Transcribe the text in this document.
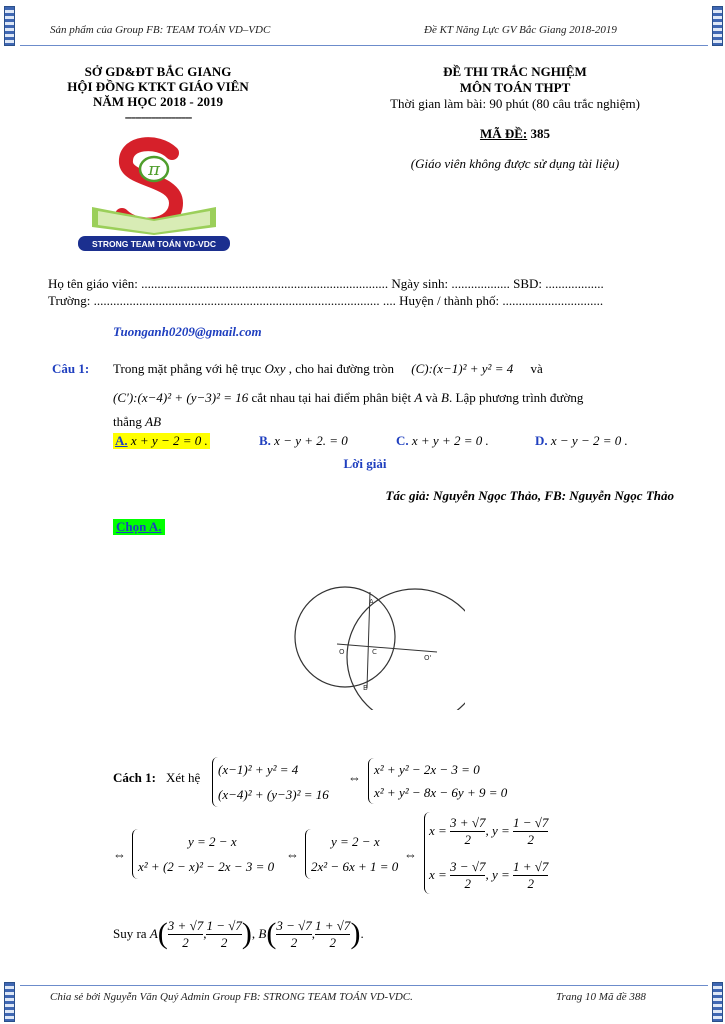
Sản phẩm của Group FB: TEAM TOÁN VD–VDC	Đề KT Năng Lực GV Bắc Giang 2018-2019
SỞ GD&ĐT BẮC GIANG
HỘI ĐỒNG KTKT GIÁO VIÊN
NĂM HỌC 2018 - 2019
--------------------
π
STRONG TEAM TOÁN VD-VDC
ĐỀ THI TRẮC NGHIỆM
MÔN TOÁN THPT
Thời gian làm bài: 90 phút (80 câu trắc nghiệm)
MÃ ĐỀ: 385
(Giáo viên không được sử dụng tài liệu)
Họ tên giáo viên: ............................................................................ Ngày sinh: .................. SBD: ..................
Trường: ........................................................................................ .... Huyện / thành phố: ...............................
Tuonganh0209@gmail.com
Câu 1: Trong mặt phẳng với hệ trục Oxy , cho hai đường tròn (C):(x−1)² + y² = 4 và
(C′):(x−4)² + (y−3)² = 16 cắt nhau tại hai điểm phân biệt A và B. Lập phương trình đường
thẳng AB
A. x + y − 2 = 0 .	B. x − y + 2. = 0	C. x + y + 2 = 0 .	D. x − y − 2 = 0 .
Lời giải
Tác giả: Nguyễn Ngọc Thảo, FB: Nguyễn Ngọc Thảo
Chọn A.
A
B
O	C
O'
Cách 1: Xét hệ
(x−1)² + y² = 4
(x−4)² + (y−3)² = 16
⇔
x² + y² − 2x − 3 = 0
x² + y² − 8x − 6y + 9 = 0
⇔
y = 2 − x
x² + (2 − x)² − 2x − 3 = 0
⇔
y = 2 − x
2x² − 6x + 1 = 0
⇔
$x = \frac{3 + √7}{2}$ , $y = \frac{1 - √7}{2}$
$x = \frac{3 - √7}{2}$ , $y = \frac{1 + √7}{2}$
Suy ra
A ( $\frac{3 + √7}{2}$ , $\frac{1 - √7}{2}$ ) ,
B ( $\frac{3 - √7}{2}$ , $\frac{1 + √7}{2}$ ) .
Chia sẻ bởi Nguyễn Văn Quý Admin Group FB: STRONG TEAM TOÁN VD-VDC.	Trang 10 Mã đề 388
